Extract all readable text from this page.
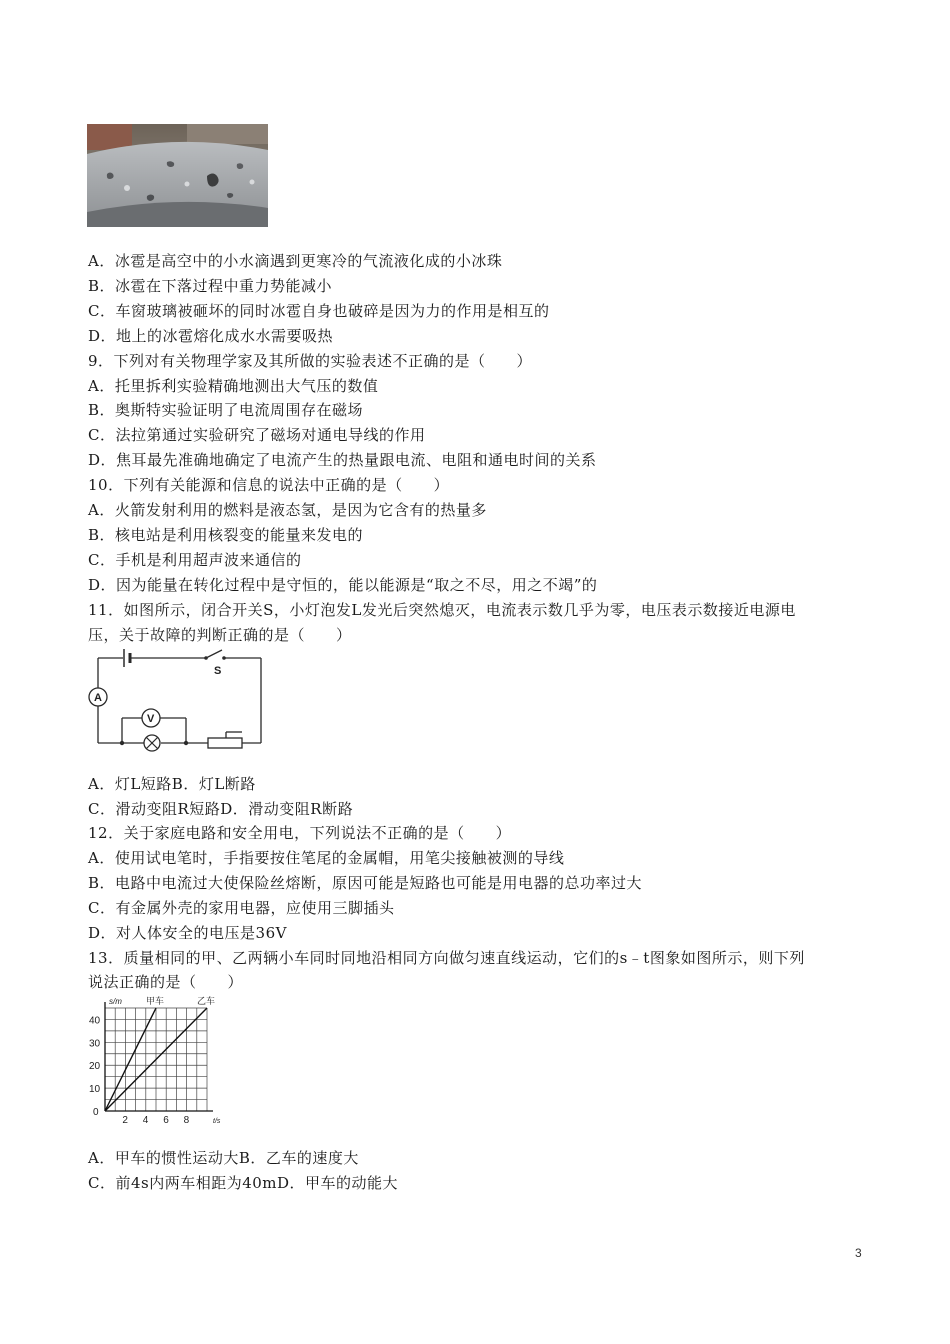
A．冰雹是高空中的小水滴遇到更寒冷的气流液化成的小冰珠
B．冰雹在下落过程中重力势能减小
C．车窗玻璃被砸坏的同时冰雹自身也破碎是因为力的作用是相互的
D．地上的冰雹熔化成水水需要吸热
9．下列对有关物理学家及其所做的实验表述不正确的是（　　）
A．托里拆利实验精确地测出大气压的数值
B．奥斯特实验证明了电流周围存在磁场
C．法拉第通过实验研究了磁场对通电导线的作用
D．焦耳最先准确地确定了电流产生的热量跟电流、电阻和通电时间的关系
10．下列有关能源和信息的说法中正确的是（　　）
A．火箭发射利用的燃料是液态氢，是因为它含有的热量多
B．核电站是利用核裂变的能量来发电的
C．手机是利用超声波来通信的
D．因为能量在转化过程中是守恒的，能以能源是“取之不尽，用之不竭”的
11．如图所示，闭合开关S，小灯泡发L发光后突然熄灭，电流表示数几乎为零，电压表示数接近电源电
压，关于故障的判断正确的是（　　）
S
A
V
A．灯L短路B．灯L断路
C．滑动变阻R短路D．滑动变阻R断路
12．关于家庭电路和安全用电，下列说法不正确的是（　　）
A．使用试电笔时，手指要按住笔尾的金属帽，用笔尖接触被测的导线
B．电路中电流过大使保险丝熔断，原因可能是短路也可能是用电器的总功率过大
C．有金属外壳的家用电器，应使用三脚插头
D．对人体安全的电压是36V
13．质量相同的甲、乙两辆小车同时同地沿相同方向做匀速直线运动，它们的s﹣t图象如图所示，则下列
说法正确的是（　　）
0
2 4 6 8
10
20
30
40
s/m
t/s
甲车	乙车
A．甲车的惯性运动大B．乙车的速度大
C．前4s内两车相距为40mD．甲车的动能大
3
